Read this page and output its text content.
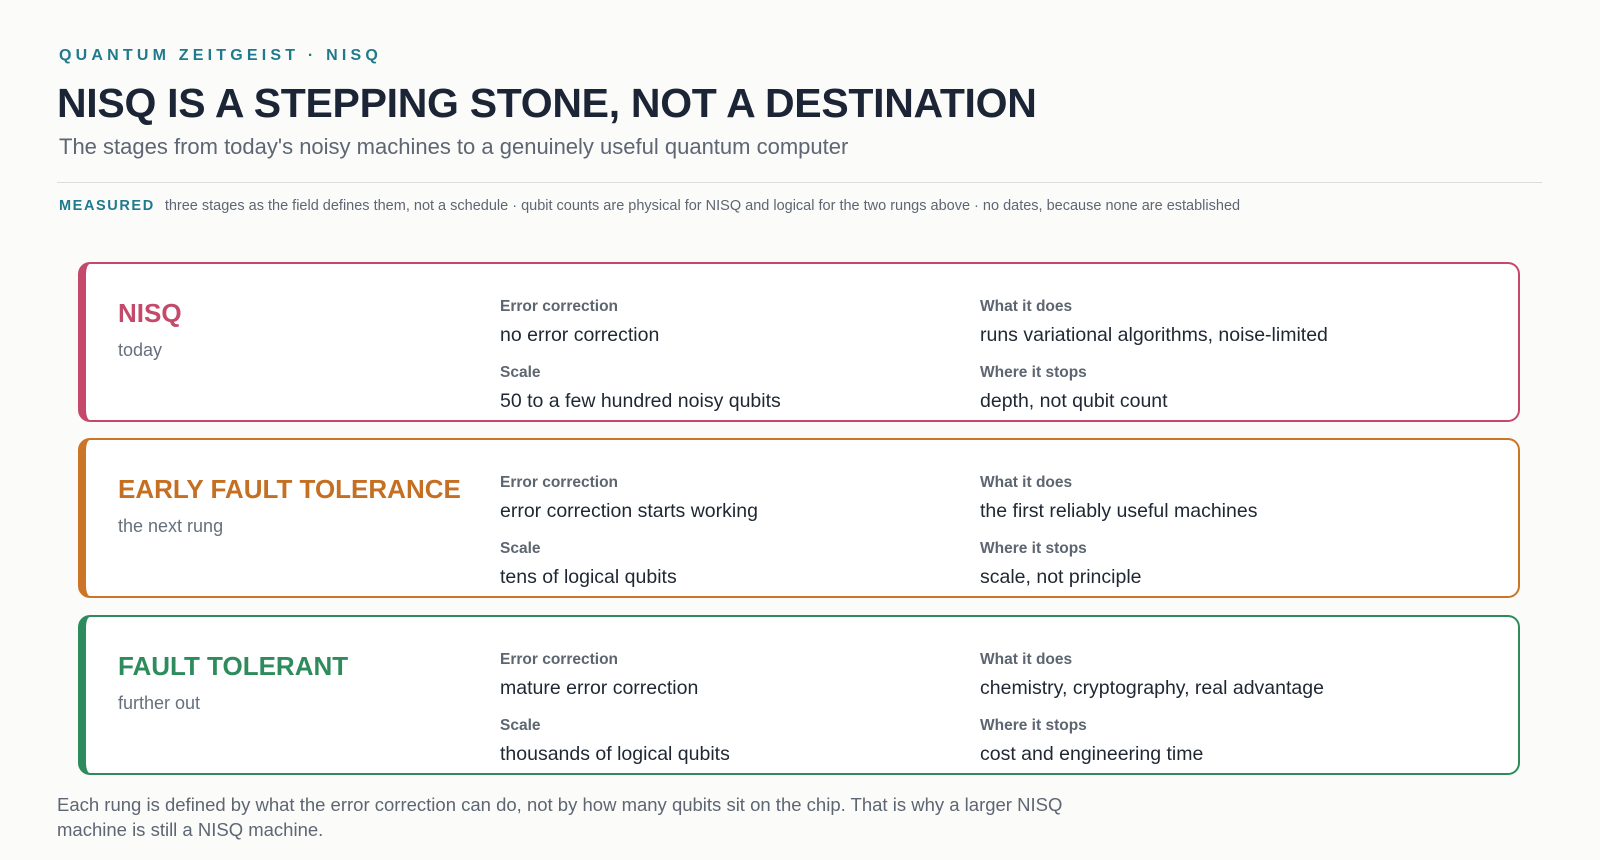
QUANTUM ZEITGEIST · NISQ
NISQ IS A STEPPING STONE, NOT A DESTINATION
The stages from today's noisy machines to a genuinely useful quantum computer
MEASURED three stages as the field defines them, not a schedule · qubit counts are physical for NISQ and logical for the two rungs above · no dates, because none are established
NISQ
today
Error correction
no error correction
Scale
50 to a few hundred noisy qubits
What it does
runs variational algorithms, noise-limited
Where it stops
depth, not qubit count
EARLY FAULT TOLERANCE
the next rung
Error correction
error correction starts working
Scale
tens of logical qubits
What it does
the first reliably useful machines
Where it stops
scale, not principle
FAULT TOLERANT
further out
Error correction
mature error correction
Scale
thousands of logical qubits
What it does
chemistry, cryptography, real advantage
Where it stops
cost and engineering time
Each rung is defined by what the error correction can do, not by how many qubits sit on the chip. That is why a larger NISQ machine is still a NISQ machine.
